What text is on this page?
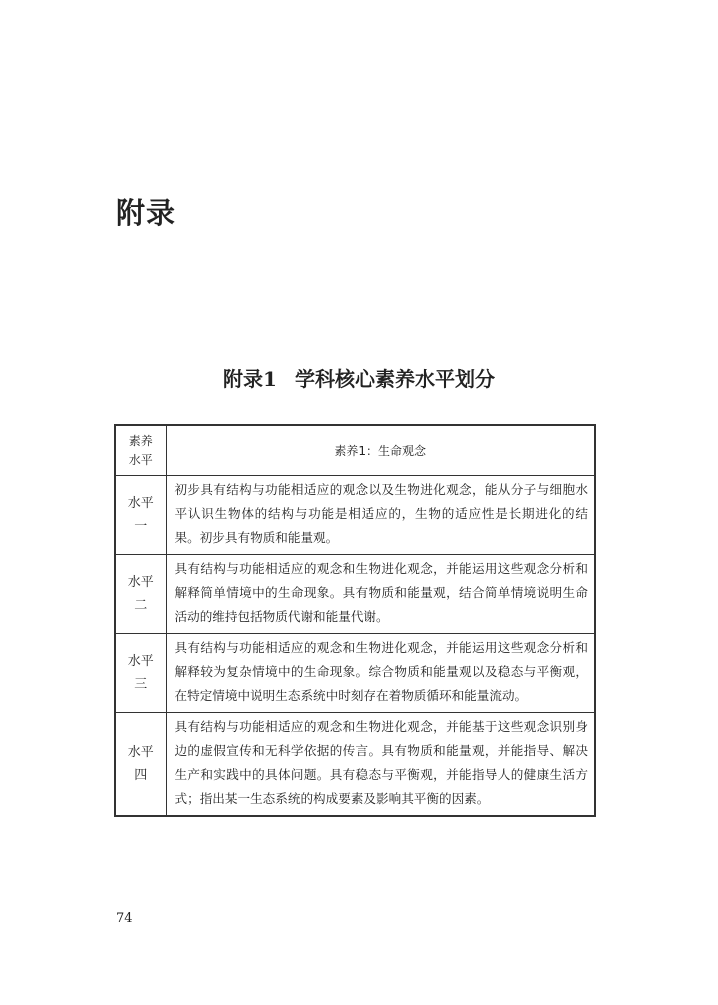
附录
附录1 学科核心素养水平划分
素养
水平	素养1：生命观念

水平
一	初步具有结构与功能相适应的观念以及生物进化观念，能从分子与细胞水平认识生物体的结构与功能是相适应的，生物的适应性是长期进化的结果。初步具有物质和能量观。

水平
二	具有结构与功能相适应的观念和生物进化观念，并能运用这些观念分析和解释简单情境中的生命现象。具有物质和能量观，结合简单情境说明生命活动的维持包括物质代谢和能量代谢。

水平
三	具有结构与功能相适应的观念和生物进化观念，并能运用这些观念分析和解释较为复杂情境中的生命现象。综合物质和能量观以及稳态与平衡观，在特定情境中说明生态系统中时刻存在着物质循环和能量流动。

水平
四	具有结构与功能相适应的观念和生物进化观念，并能基于这些观念识别身边的虚假宣传和无科学依据的传言。具有物质和能量观，并能指导、解决生产和实践中的具体问题。具有稳态与平衡观，并能指导人的健康生活方式；指出某一生态系统的构成要素及影响其平衡的因素。

74
